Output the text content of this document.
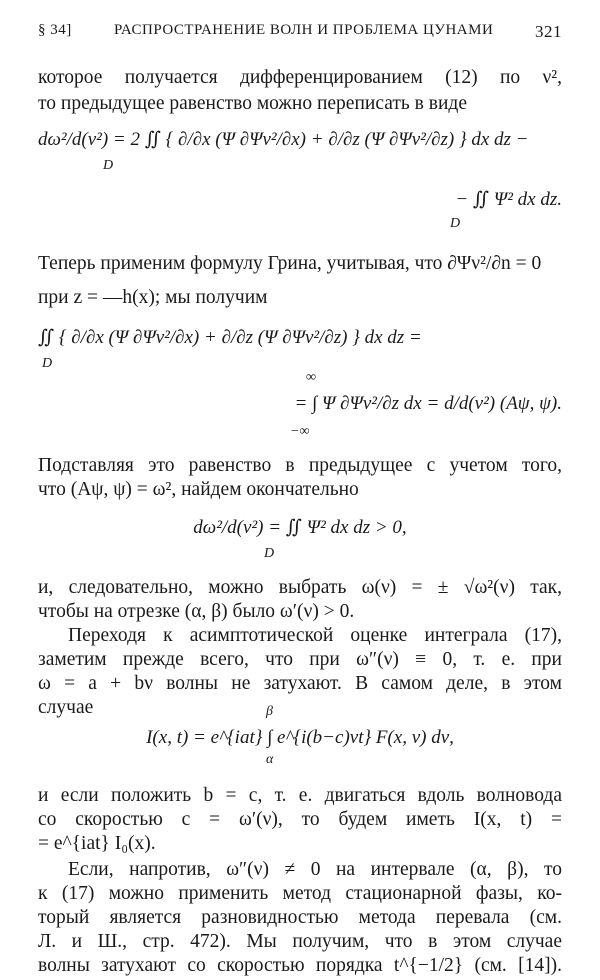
§ 34]	РАСПРОСТРАНЕНИЕ ВОЛН И ПРОБЛЕМА ЦУНАМИ 321
которое получается дифференцированием (12) по ν²,
то предыдущее равенство можно переписать в виде
dω²/d(ν²) = 2 ∬ { ∂/∂x (Ψ ∂Ψν²/∂x) + ∂/∂z (Ψ ∂Ψν²/∂z) } dx dz −
D
− ∬ Ψ² dx dz.
D
Теперь применим формулу Грина, учитывая, что ∂Ψν²/∂n = 0
при z = —h(x); мы получим
∬ { ∂/∂x (Ψ ∂Ψν²/∂x) + ∂/∂z (Ψ ∂Ψν²/∂z) } dx dz =
D
∞
= ∫ Ψ ∂Ψν²/∂z dx = d/d(ν²) (Aψ, ψ).
−∞
Подставляя это равенство в предыдущее с учетом того,
что (Aψ, ψ) = ω², найдем окончательно
dω²/d(ν²) = ∬ Ψ² dx dz > 0,
D
и, следовательно, можно выбрать ω(ν) = ± √ω²(ν) так,
чтобы на отрезке (α, β) было ω′(ν) > 0.
Переходя к асимптотической оценке интеграла (17),
заметим прежде всего, что при ω″(ν) ≡ 0, т. е. при
ω = a + bν волны не затухают. В самом деле, в этом
случае	β
I(x, t) = e^{iat} ∫ e^{i(b−c)νt} F(x, ν) dν,
α
и если положить b = c, т. е. двигаться вдоль волновода
со скоростью c = ω′(ν), то будем иметь I(x, t) =
= e^{iat} I₀(x).
Если, напротив, ω″(ν) ≠ 0 на интервале (α, β), то
к (17) можно применить метод стационарной фазы, ко-
торый является разновидностью метода перевала (см.
Л. и Ш., стр. 472). Мы получим, что в этом случае
волны затухают со скоростью порядка t^{−1/2} (см. [14]).
